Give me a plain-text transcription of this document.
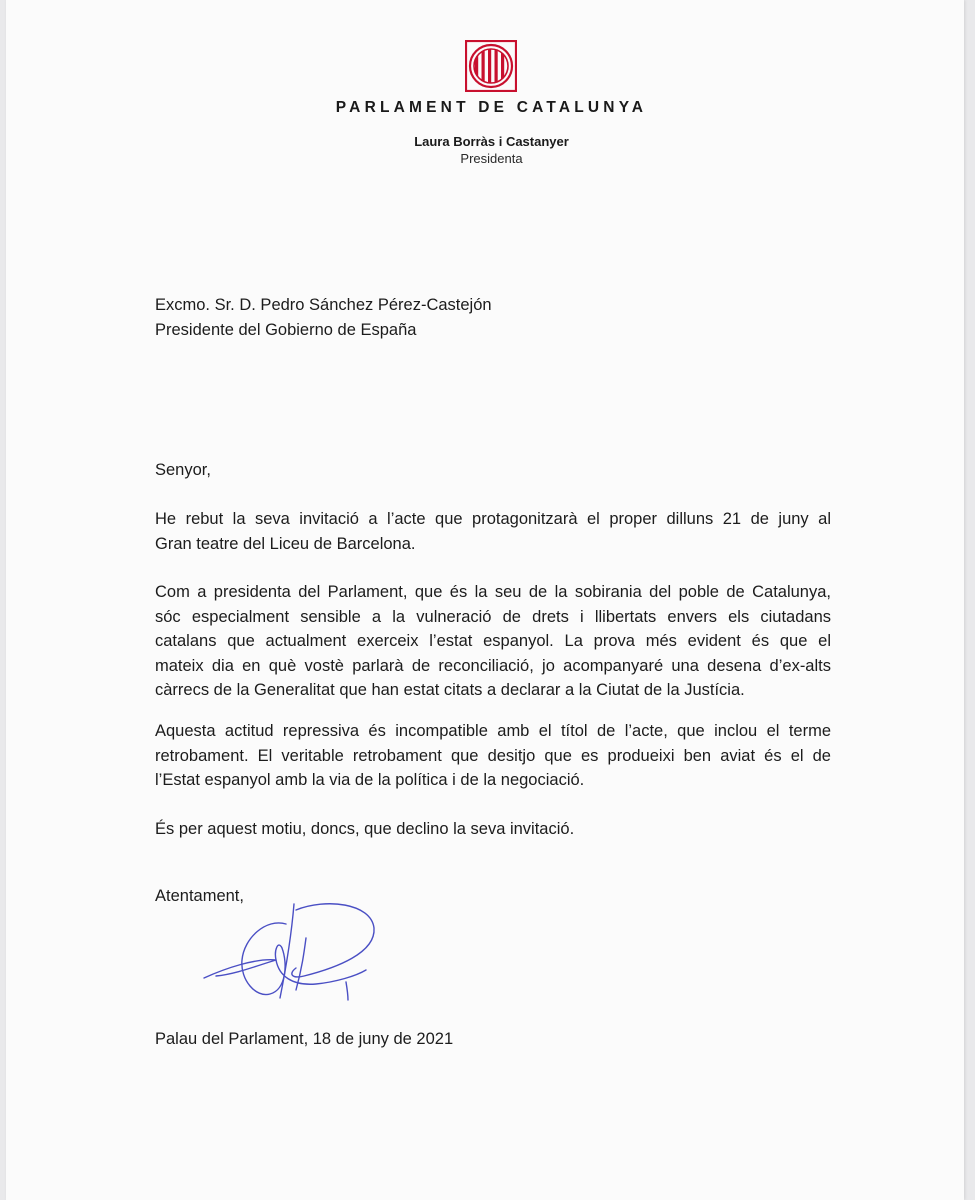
PARLAMENT DE CATALUNYA
Laura Borràs i Castanyer
Presidenta
Excmo. Sr. D. Pedro Sánchez Pérez-Castejón
Presidente del Gobierno de España
Senyor,
He rebut la seva invitació a l’acte que protagonitzarà el proper dilluns 21 de juny al
Gran teatre del Liceu de Barcelona.
Com a presidenta del Parlament, que és la seu de la sobirania del poble de Catalunya,
sóc especialment sensible a la vulneració de drets i llibertats envers els ciutadans
catalans que actualment exerceix l’estat espanyol. La prova més evident és que el
mateix dia en què vostè parlarà de reconciliació, jo acompanyaré una desena d’ex-alts
càrrecs de la Generalitat que han estat citats a declarar a la Ciutat de la Justícia.
Aquesta actitud repressiva és incompatible amb el títol de l’acte, que inclou el terme
retrobament. El veritable retrobament que desitjo que es produeixi ben aviat és el de
l’Estat espanyol amb la via de la política i de la negociació.
És per aquest motiu, doncs, que declino la seva invitació.
Atentament,
Palau del Parlament, 18 de juny de 2021
